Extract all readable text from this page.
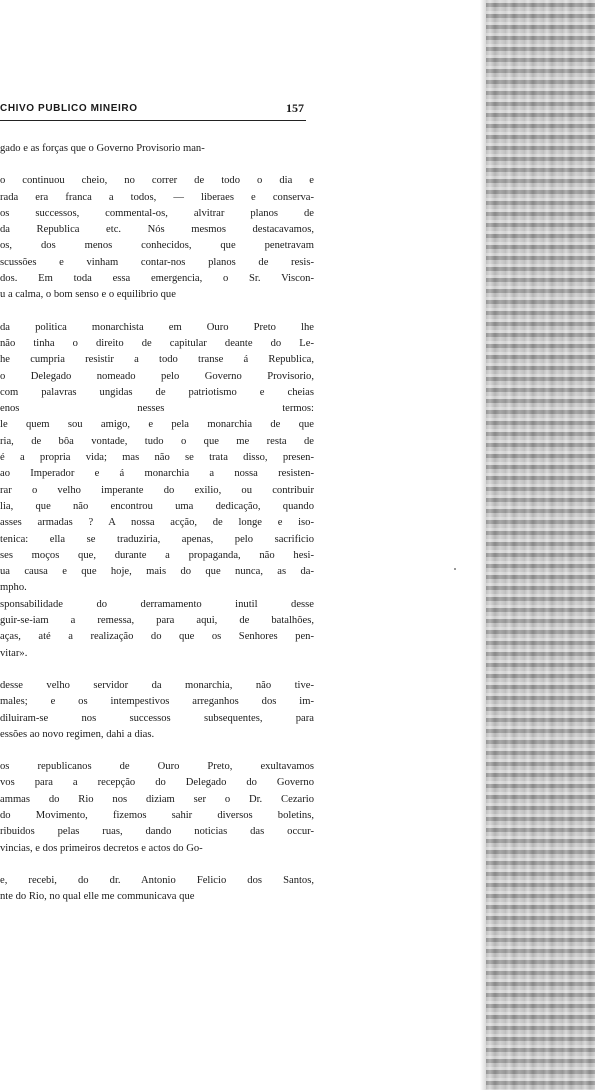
CHIVO PUBLICO MINEIRO	157
gado e as forças que o Governo Provisorio man-
o continuou cheio, no correr de todo o dia e
rada era franca a todos, — liberaes e conserva-
os successos, commental-os, alvitrar planos de
da Republica etc. Nós mesmos destacavamos,
os, dos menos conhecidos, que penetravam
scussões e vinham contar-nos planos de resis-
dos. Em toda essa emergencia, o Sr. Viscon-
u a calma, o bom senso e o equilibrio que
da politica monarchista em Ouro Preto lhe
não tinha o direito de capitular deante do Le-
he cumpria resistir a todo transe á Republica,
o Delegado nomeado pelo Governo Provisorio,
com palavras ungidas de patriotismo e cheias
enos nesses termos:
le quem sou amigo, e pela monarchia de que
ria, de bôa vontade, tudo o que me resta de
é a propria vida; mas não se trata disso, presen-
ao Imperador e á monarchia a nossa resisten-
rar o velho imperante do exilio, ou contribuir
lia, que não encontrou uma dedicação, quando
asses armadas ? A nossa acção, de longe e iso-
tenica: ella se traduziria, apenas, pelo sacrificio
ses moços que, durante a propaganda, não hesi-
ua causa e que hoje, mais do que nunca, as da-
mpho.
sponsabilidade do derramamento inutil desse
guir-se-iam a remessa, para aqui, de batalhões,
aças, até a realização do que os Senhores pen-
vitar».
desse velho servidor da monarchia, não tive-
males; e os intempestivos arreganhos dos im-
diluiram-se nos successos subsequentes, para
essões ao novo regimen, dahi a dias.
os republicanos de Ouro Preto, exultavamos
vos para a recepção do Delegado do Governo
ammas do Rio nos diziam ser o Dr. Cezario
do Movimento, fizemos sahir diversos boletins,
ribuidos pelas ruas, dando noticias das occur-
vincias, e dos primeiros decretos e actos do Go-
e, recebi, do dr. Antonio Felicio dos Santos,
nte do Rio, no qual elle me communicava que
